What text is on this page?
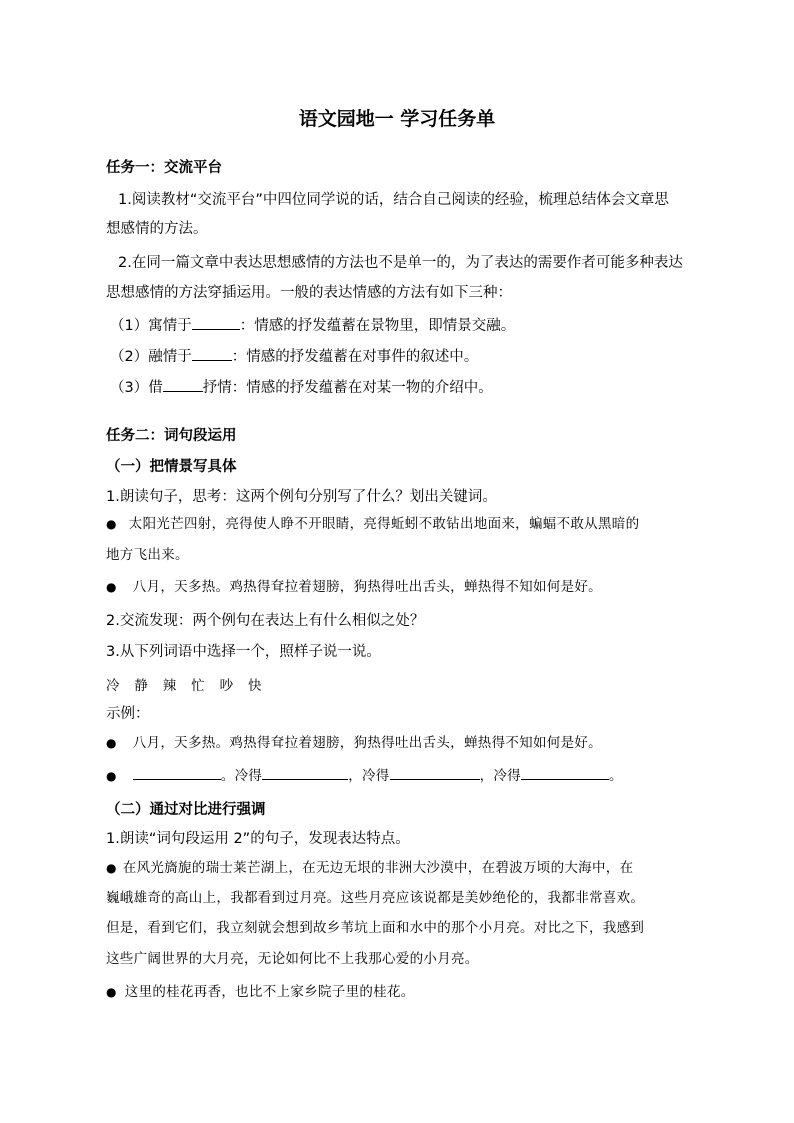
语文园地一 学习任务单
任务一：交流平台
1.阅读教材“交流平台”中四位同学说的话，结合自己阅读的经验，梳理总结体会文章思
想感情的方法。
2.在同一篇文章中表达思想感情的方法也不是单一的，为了表达的需要作者可能多种表达
思想感情的方法穿插运用。一般的表达情感的方法有如下三种：
（1）寓情于	：情感的抒发蕴蓄在景物里，即情景交融。
（2）融情于	：情感的抒发蕴蓄在对事件的叙述中。
（3）借	抒情：情感的抒发蕴蓄在对某一物的介绍中。
任务二：词句段运用
（一）把情景写具体
1.朗读句子，思考：这两个例句分别写了什么？划出关键词。
● 太阳光芒四射，亮得使人睁不开眼睛，亮得蚯蚓不敢钻出地面来，蝙蝠不敢从黑暗的
地方飞出来。
● 八月，天多热。鸡热得耷拉着翅膀，狗热得吐出舌头，蝉热得不知如何是好。
2.交流发现：两个例句在表达上有什么相似之处？
3.从下列词语中选择一个，照样子说一说。
冷 静 辣 忙 吵 快
示例：
● 八月，天多热。鸡热得耷拉着翅膀，狗热得吐出舌头，蝉热得不知如何是好。
●	。冷得	，冷得	，冷得	。
（二）通过对比进行强调
1.朗读“词句段运用 2”的句子，发现表达特点。
● 在风光旖旎的瑞士莱芒湖上，在无边无垠的非洲大沙漠中，在碧波万顷的大海中，在
巍峨雄奇的高山上，我都看到过月亮。这些月亮应该说都是美妙绝伦的，我都非常喜欢。
但是，看到它们，我立刻就会想到故乡苇坑上面和水中的那个小月亮。对比之下，我感到
这些广阔世界的大月亮，无论如何比不上我那心爱的小月亮。
● 这里的桂花再香，也比不上家乡院子里的桂花。
